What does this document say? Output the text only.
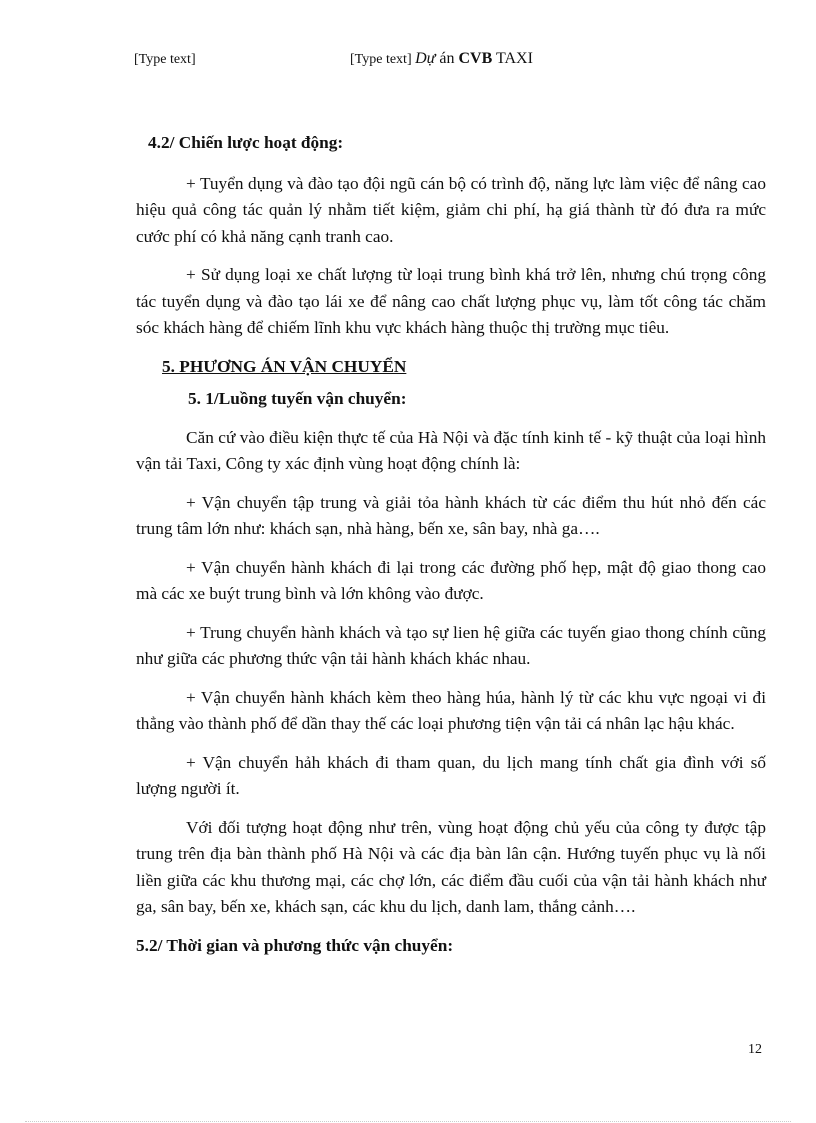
[Type text]	[Type text] Dự án CVB TAXI

4.2/ Chiến lược hoạt động:

+ Tuyển dụng và đào tạo đội ngũ cán bộ có trình độ, năng lực làm việc để nâng cao hiệu quả công tác quản lý nhằm tiết kiệm, giảm chi phí, hạ giá thành từ đó đưa ra mức cước phí có khả năng cạnh tranh cao.

+ Sử dụng loại xe chất lượng từ loại trung bình khá trở lên, nhưng chú trọng công tác tuyển dụng và đào tạo lái xe để nâng cao chất lượng phục vụ, làm tốt công tác chăm sóc khách hàng để chiếm lĩnh khu vực khách hàng thuộc thị trường mục tiêu.

5. PHƯƠNG ÁN VẬN CHUYỂN

5. 1/Luồng tuyến vận chuyển:

Căn cứ vào điều kiện thực tế của Hà Nội và đặc tính kinh tế - kỹ thuật của loại hình vận tải Taxi, Công ty xác định vùng hoạt động chính là:

+ Vận chuyển tập trung và giải tỏa hành khách từ các điểm thu hút nhỏ đến các trung tâm lớn như: khách sạn, nhà hàng, bến xe, sân bay, nhà ga….

+ Vận chuyển hành khách đi lại trong các đường phố hẹp, mật độ giao thong cao mà các xe buýt trung bình và lớn không vào được.

+ Trung chuyển hành khách và tạo sự lien hệ giữa các tuyến giao thong chính cũng như giữa các phương thức vận tải hành khách khác nhau.

+ Vận chuyển hành khách kèm theo hàng húa, hành lý từ các khu vực ngoại vi đi thẳng vào thành phố để dần thay thế các loại phương tiện vận tải cá nhân lạc hậu khác.

+ Vận chuyển hảh khách đi tham quan, du lịch mang tính chất gia đình với số lượng người ít.

Với đối tượng hoạt động như trên, vùng hoạt động chủ yếu của công ty được tập trung trên địa bàn thành phố Hà Nội và các địa bàn lân cận. Hướng tuyến phục vụ là nối liền giữa các khu thương mại, các chợ lớn, các điểm đầu cuối của vận tải hành khách như ga, sân bay, bến xe, khách sạn, các khu du lịch, danh lam, thắng cảnh….

5.2/ Thời gian và phương thức vận chuyển:

12
